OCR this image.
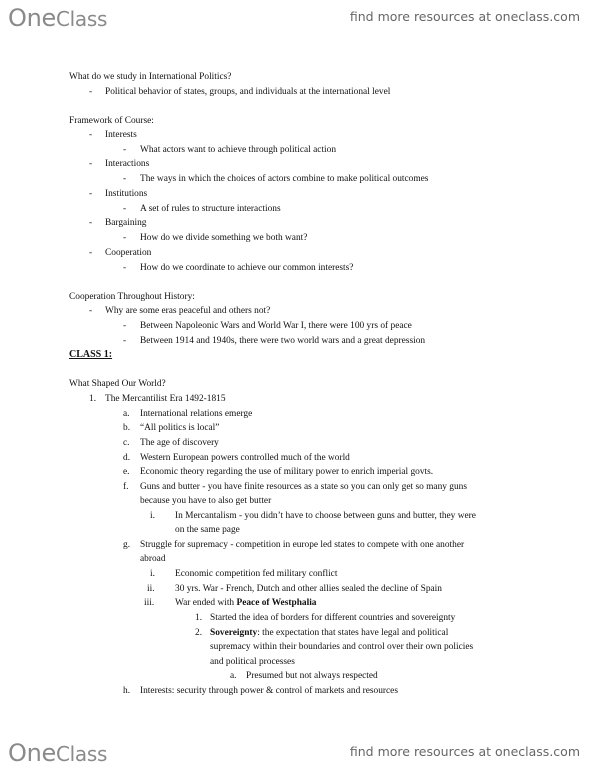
OneClass	find more resources at oneclass.com
What do we study in International Politics?
- Political behavior of states, groups, and individuals at the international level
Framework of Course:
- Interests
- What actors want to achieve through political action
- Interactions
- The ways in which the choices of actors combine to make political outcomes
- Institutions
- A set of rules to structure interactions
- Bargaining
- How do we divide something we both want?
- Cooperation
- How do we coordinate to achieve our common interests?
Cooperation Throughout History:
- Why are some eras peaceful and others not?
- Between Napoleonic Wars and World War I, there were 100 yrs of peace
- Between 1914 and 1940s, there were two world wars and a great depression
CLASS 1:
What Shaped Our World?
1. The Mercantilist Era 1492-1815
a. International relations emerge
b. “All politics is local”
c. The age of discovery
d. Western European powers controlled much of the world
e. Economic theory regarding the use of military power to enrich imperial govts.
f. Guns and butter - you have finite resources as a state so you can only get so many guns
because you have to also get butter
i. In Mercantalism - you didn’t have to choose between guns and butter, they were
on the same page
g. Struggle for supremacy - competition in europe led states to compete with one another
abroad
i. Economic competition fed military conflict
ii. 30 yrs. War - French, Dutch and other allies sealed the decline of Spain
iii. War ended with Peace of Westphalia
1. Started the idea of borders for different countries and sovereignty
2. Sovereignty: the expectation that states have legal and political
supremacy within their boundaries and control over their own policies
and political processes
a. Presumed but not always respected
h. Interests: security through power & control of markets and resources
OneClass	find more resources at oneclass.com
